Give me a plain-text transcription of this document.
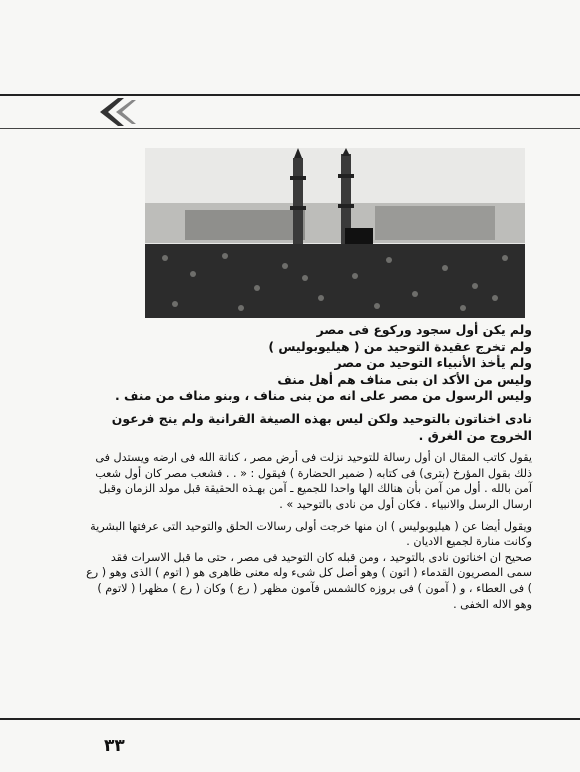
ولم يكن أول سجود وركوع فى مصر

ولم تخرج عقيدة التوحيد من ( هيليوبوليس )

ولم يأخذ الأنبياء التوحيد من مصر

وليس من الأكد ان بنى مناف هم أهل منف

وليس الرسول من مصر على انه من بنى مناف ، وبنو مناف من منف .

نادى اخناتون بالتوحيد ولكن ليس بهذه الصيغة القرانية ولم ينج فرعون الخروج من الغرق .

يقول كاتب المقال ان أول رسالة للتوحيد نزلت فى أرض مصر ، كنانة الله فى ارضه ويستدل فى ذلك بقول المؤرخ (بترى) فى كتابه ( ضمير الحضارة ) فيقول : « . . فشعب مصر كان أول شعب آمن بالله . أول من آمن بأن هنالك الها واحدا للجميع ـ آمن بهـذه الحقيقة قبل مولد الزمان وقبل ارسال الرسل والانبياء . فكان أول من نادى بالتوحيد » .

ويقول أيضا عن ( هيليوبوليس ) ان منها خرجت أولى رسالات الحلق والتوحيد التى عرفتها البشرية وكانت منارة لجميع الاديان .

صحيح ان اخناتون نادى بالتوحيد ، ومن قبله كان التوحيد فى مصر ، حتى ما قبل الاسرات فقد سمى المصريون القدماء ( اتون ) وهو أصل كل شىء وله معنى ظاهرى هو ( اتوم ) الذى وهو ( رع ) فى العطاء ، و ( آمون ) فى بروزه كالشمس فآمون مظهر ( رع ) وكان ( رع ) مظهرا ( لاتوم ) وهو الاله الخفى .

٣٣
